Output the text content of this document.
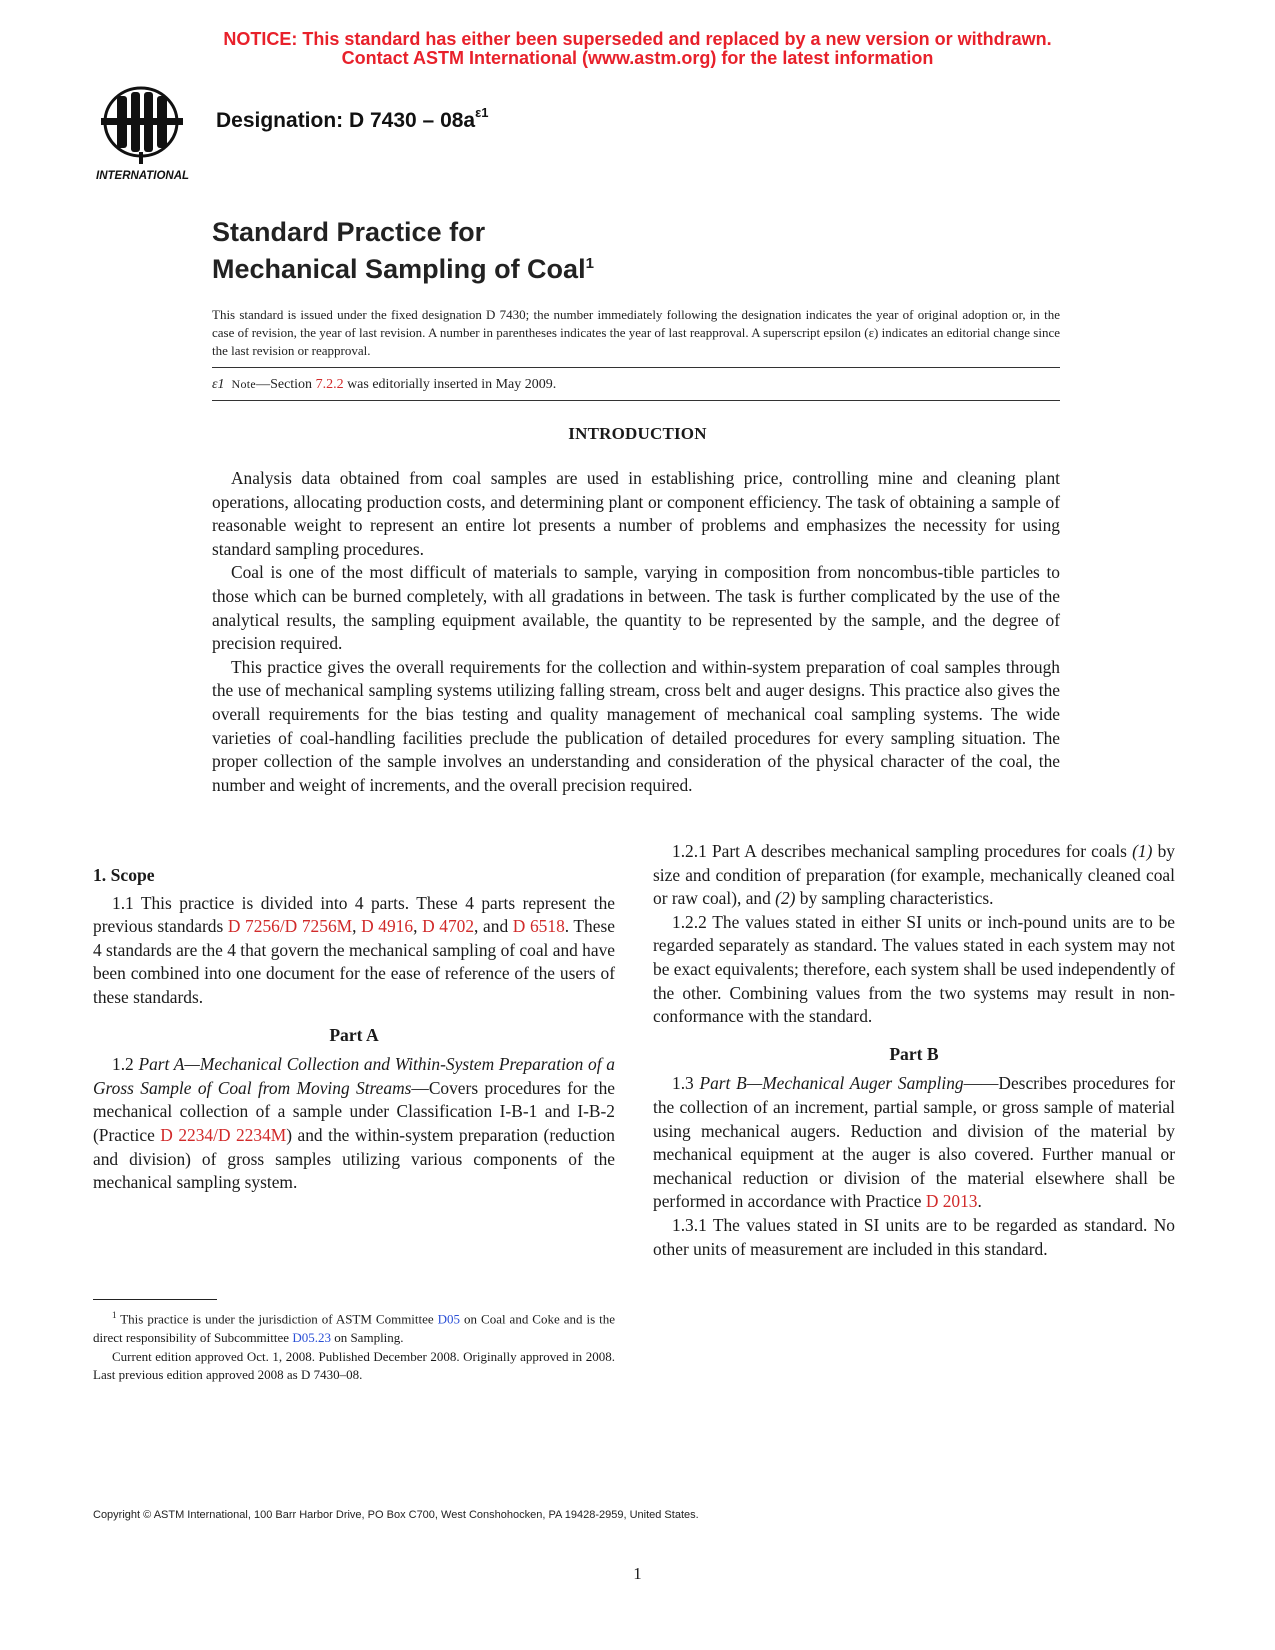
NOTICE: This standard has either been superseded and replaced by a new version or withdrawn.
Contact ASTM International (www.astm.org) for the latest information
INTERNATIONAL
Designation: D $7430 - 08a^{\varepsilon 1}$
Standard Practice for
Mechanical Sampling of Coal$^1$
This standard is issued under the fixed designation D 7430; the number immediately following the designation indicates the year of original adoption or, in the case of revision, the year of last revision. A number in parentheses indicates the year of last reapproval. A superscript epsilon (ε) indicates an editorial change since the last revision or reapproval.
ε1 Note—Section 7.2.2 was editorially inserted in May 2009.
INTRODUCTION

Analysis data obtained from coal samples are used in establishing price, controlling mine and cleaning plant operations, allocating production costs, and determining plant or component efficiency. The task of obtaining a sample of reasonable weight to represent an entire lot presents a number of problems and emphasizes the necessity for using standard sampling procedures.

Coal is one of the most difficult of materials to sample, varying in composition from noncombus-tible particles to those which can be burned completely, with all gradations in between. The task is further complicated by the use of the analytical results, the sampling equipment available, the quantity to be represented by the sample, and the degree of precision required.

This practice gives the overall requirements for the collection and within-system preparation of coal samples through the use of mechanical sampling systems utilizing falling stream, cross belt and auger designs. This practice also gives the overall requirements for the bias testing and quality management of mechanical coal sampling systems. The wide varieties of coal-handling facilities preclude the publication of detailed procedures for every sampling situation. The proper collection of the sample involves an understanding and consideration of the physical character of the coal, the number and weight of increments, and the overall precision required.

1. Scope

1.1 This practice is divided into 4 parts. These 4 parts represent the previous standards D 7256/D 7256M, D 4916, D 4702, and D 6518. These 4 standards are the 4 that govern the mechanical sampling of coal and have been combined into one document for the ease of reference of the users of these standards.

Part A

1.2 Part A—Mechanical Collection and Within-System Preparation of a Gross Sample of Coal from Moving Streams—Covers procedures for the mechanical collection of a sample under Classification I-B-1 and I-B-2 (Practice D 2234/D 2234M) and the within-system preparation (reduction and division) of gross samples utilizing various components of the mechanical sampling system.

1.2.1 Part A describes mechanical sampling procedures for coals (1) by size and condition of preparation (for example, mechanically cleaned coal or raw coal), and (2) by sampling characteristics.

1.2.2 The values stated in either SI units or inch-pound units are to be regarded separately as standard. The values stated in each system may not be exact equivalents; therefore, each system shall be used independently of the other. Combining values from the two systems may result in non-conformance with the standard.

Part B

1.3 Part B—Mechanical Auger Sampling——Describes procedures for the collection of an increment, partial sample, or gross sample of material using mechanical augers. Reduction and division of the material by mechanical equipment at the auger is also covered. Further manual or mechanical reduction or division of the material elsewhere shall be performed in accordance with Practice D 2013.

1.3.1 The values stated in SI units are to be regarded as standard. No other units of measurement are included in this standard.

$^1$ This practice is under the jurisdiction of ASTM Committee D05 on Coal and Coke and is the direct responsibility of Subcommittee D05.23 on Sampling.

Current edition approved Oct. 1, 2008. Published December 2008. Originally approved in 2008. Last previous edition approved 2008 as D 7430–08.

Copyright © ASTM International, 100 Barr Harbor Drive, PO Box C700, West Conshohocken, PA 19428-2959, United States.
1
